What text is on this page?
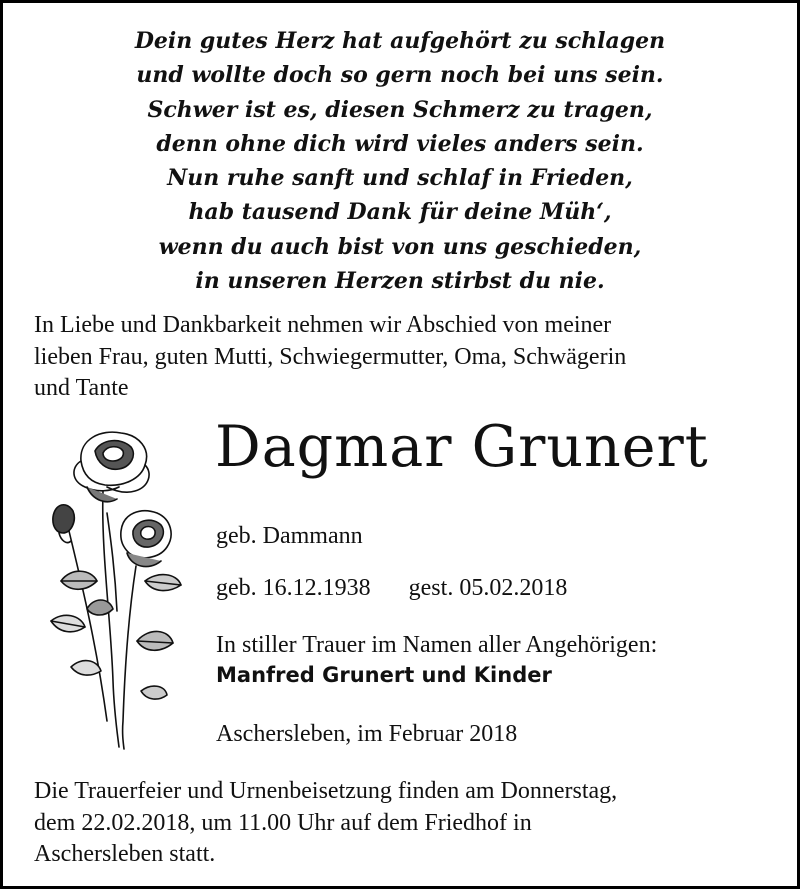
Dein gutes Herz hat aufgehört zu schlagen
und wollte doch so gern noch bei uns sein.
Schwer ist es, diesen Schmerz zu tragen,
denn ohne dich wird vieles anders sein.
Nun ruhe sanft und schlaf in Frieden,
hab tausend Dank für deine Müh‘,
wenn du auch bist von uns geschieden,
in unseren Herzen stirbst du nie.
In Liebe und Dankbarkeit nehmen wir Abschied von meiner
lieben Frau, guten Mutti, Schwiegermutter, Oma, Schwägerin
und Tante
Dagmar Grunert
geb. Dammann
geb. 16.12.1938 gest. 05.02.2018
In stiller Trauer im Namen aller Angehörigen:
Manfred Grunert und Kinder
Aschersleben, im Februar 2018
Die Trauerfeier und Urnenbeisetzung finden am Donnerstag,
dem 22.02.2018, um 11.00 Uhr auf dem Friedhof in
Aschersleben statt.
